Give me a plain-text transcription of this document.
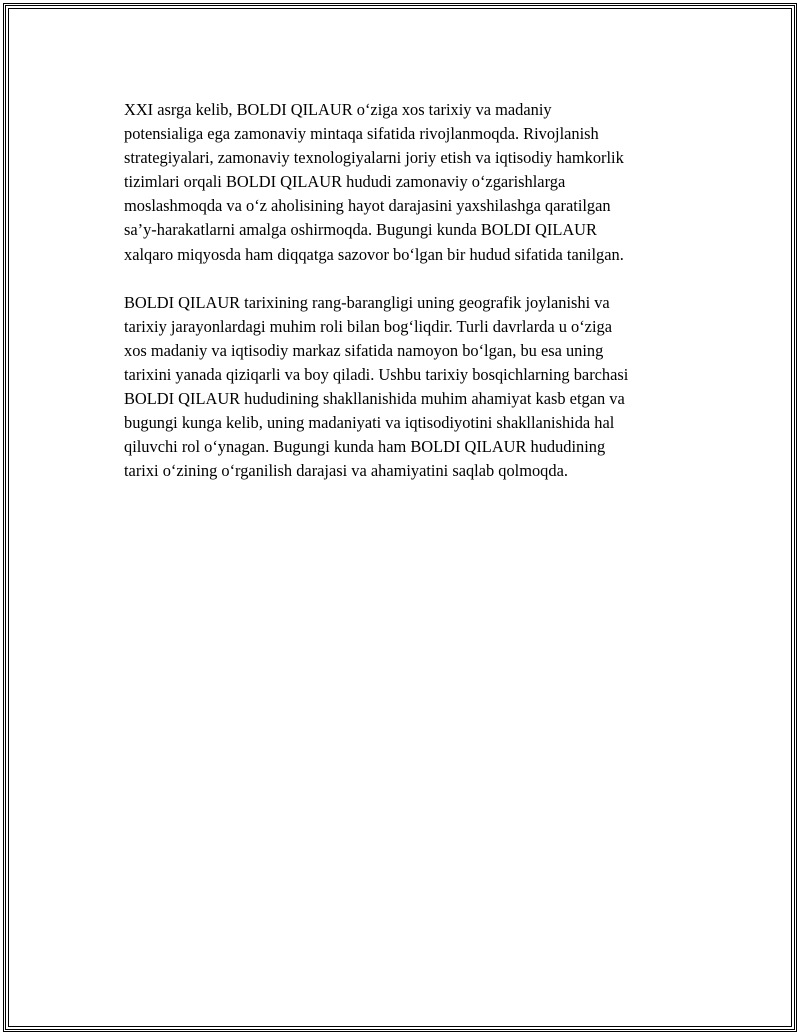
XXI asrga kelib, BOLDI QILAUR o‘ziga xos tarixiy va madaniy
potensialiga ega zamonaviy mintaqa sifatida rivojlanmoqda. Rivojlanish
strategiyalari, zamonaviy texnologiyalarni joriy etish va iqtisodiy hamkorlik
tizimlari orqali BOLDI QILAUR hududi zamonaviy o‘zgarishlarga
moslashmoqda va o‘z aholisining hayot darajasini yaxshilashga qaratilgan
sa’y-harakatlarni amalga oshirmoqda. Bugungi kunda BOLDI QILAUR
xalqaro miqyosda ham diqqatga sazovor bo‘lgan bir hudud sifatida tanilgan.

BOLDI QILAUR tarixining rang-barangligi uning geografik joylanishi va
tarixiy jarayonlardagi muhim roli bilan bog‘liqdir. Turli davrlarda u o‘ziga
xos madaniy va iqtisodiy markaz sifatida namoyon bo‘lgan, bu esa uning
tarixini yanada qiziqarli va boy qiladi. Ushbu tarixiy bosqichlarning barchasi
BOLDI QILAUR hududining shakllanishida muhim ahamiyat kasb etgan va
bugungi kunga kelib, uning madaniyati va iqtisodiyotini shakllanishida hal
qiluvchi rol o‘ynagan. Bugungi kunda ham BOLDI QILAUR hududining
tarixi o‘zining o‘rganilish darajasi va ahamiyatini saqlab qolmoqda.
